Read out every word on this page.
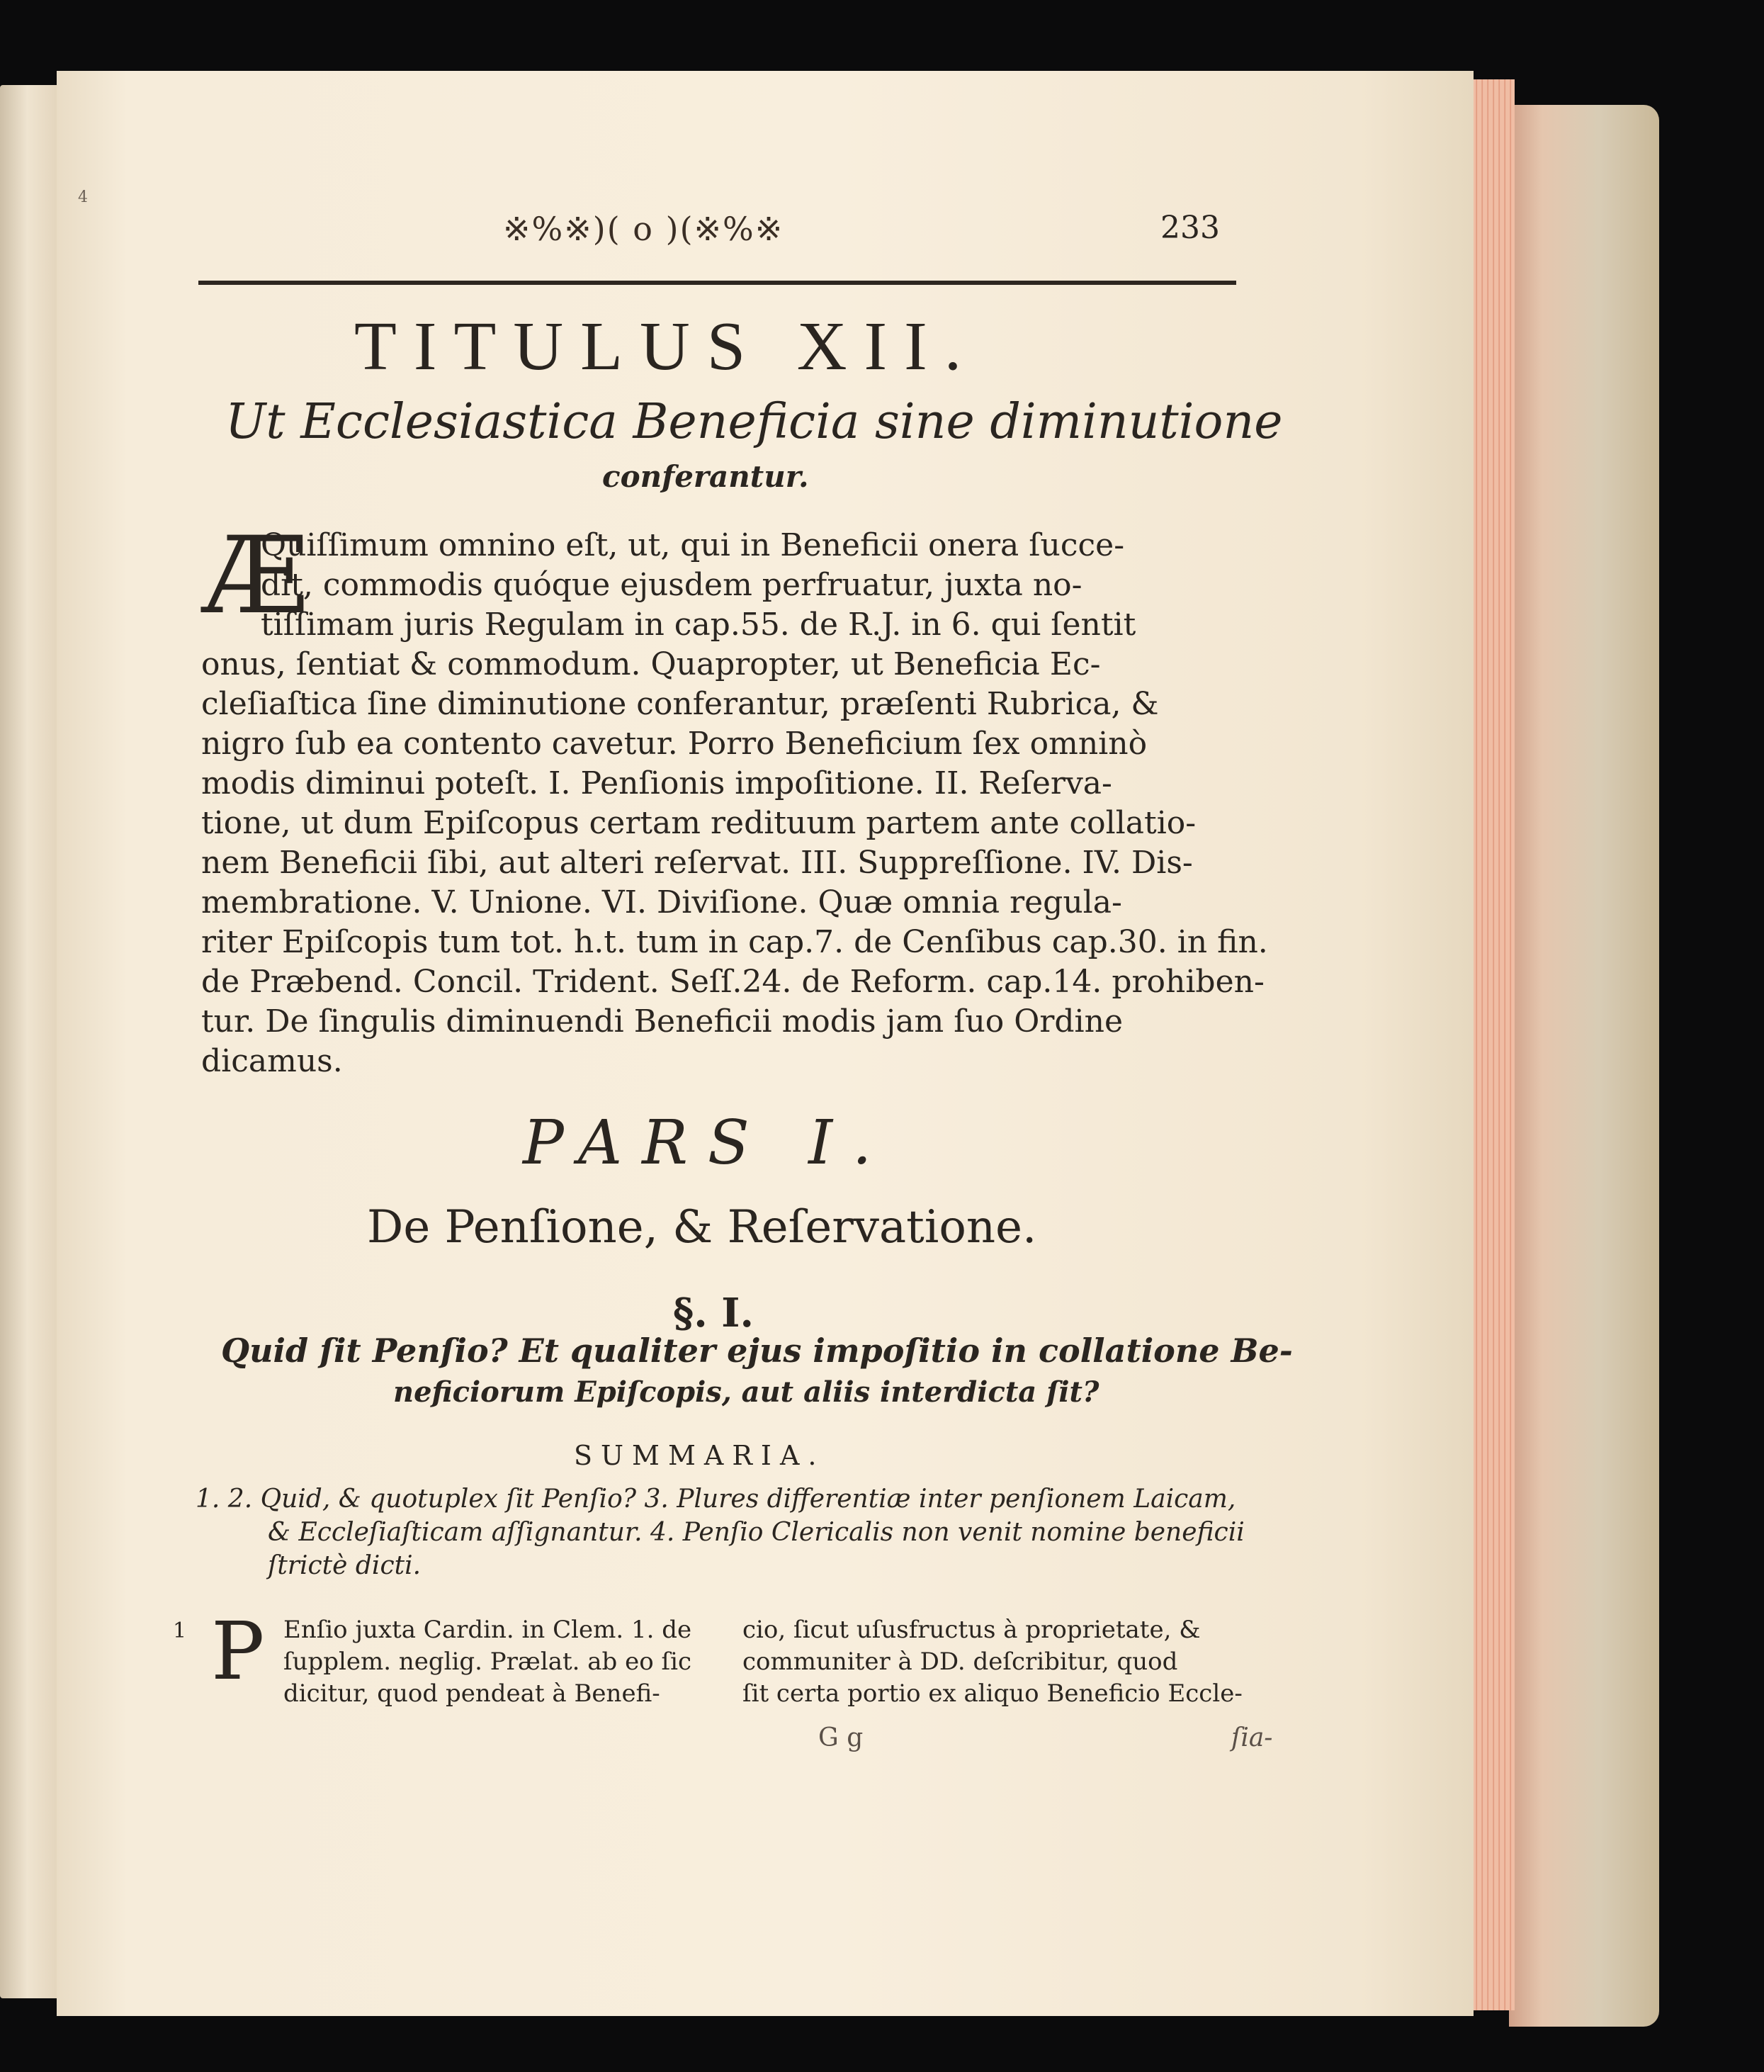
4
※%※)( o )(※%※	233
TITULUS XII.
Ut Ecclesiastica Beneficia sine diminutione
conferantur.
Æ
Quiſſimum omnino eſt, ut, qui in Beneficii onera ſucce-
dit, commodis quóque ejusdem perfruatur, juxta no-
tiſſimam juris Regulam in cap.55. de R.J. in 6. qui ſentit
onus, ſentiat & commodum. Quapropter, ut Beneficia Ec-
cleſiaſtica ſine diminutione conferantur, præſenti Rubrica, &
nigro ſub ea contento cavetur. Porro Beneficium ſex omninò
modis diminui poteſt. I. Penſionis impoſitione. II. Reſerva-
tione, ut dum Epiſcopus certam redituum partem ante collatio-
nem Beneficii ſibi, aut alteri reſervat. III. Suppreſſione. IV. Dis-
membratione. V. Unione. VI. Diviſione. Quæ omnia regula-
riter Epiſcopis tum tot. h.t. tum in cap.7. de Cenſibus cap.30. in fin.
de Præbend. Concil. Trident. Seſſ.24. de Reform. cap.14. prohiben-
tur. De ſingulis diminuendi Beneficii modis jam ſuo Ordine
dicamus.
PARS I.
De Penſione, & Reſervatione.
§. I.
Quid ſit Penſio? Et qualiter ejus impoſitio in collatione Be-
neficiorum Epiſcopis, aut aliis interdicta ſit?
SUMMARIA.
1. 2. Quid, & quotuplex ſit Penſio? 3. Plures differentiæ inter penſionem Laicam,
& Eccleſiaſticam aſſignantur. 4. Penſio Clericalis non venit nomine beneficii
ſtrictè dicti.
1 P Enſio juxta Cardin. in Clem. 1. de
ſupplem. neglig. Prælat. ab eo ſic
dicitur, quod pendeat à Benefi-
cio, ſicut uſusfructus à proprietate, &
communiter à DD. deſcribitur, quod
ſit certa portio ex aliquo Beneficio Eccle-
G g	ſia-
